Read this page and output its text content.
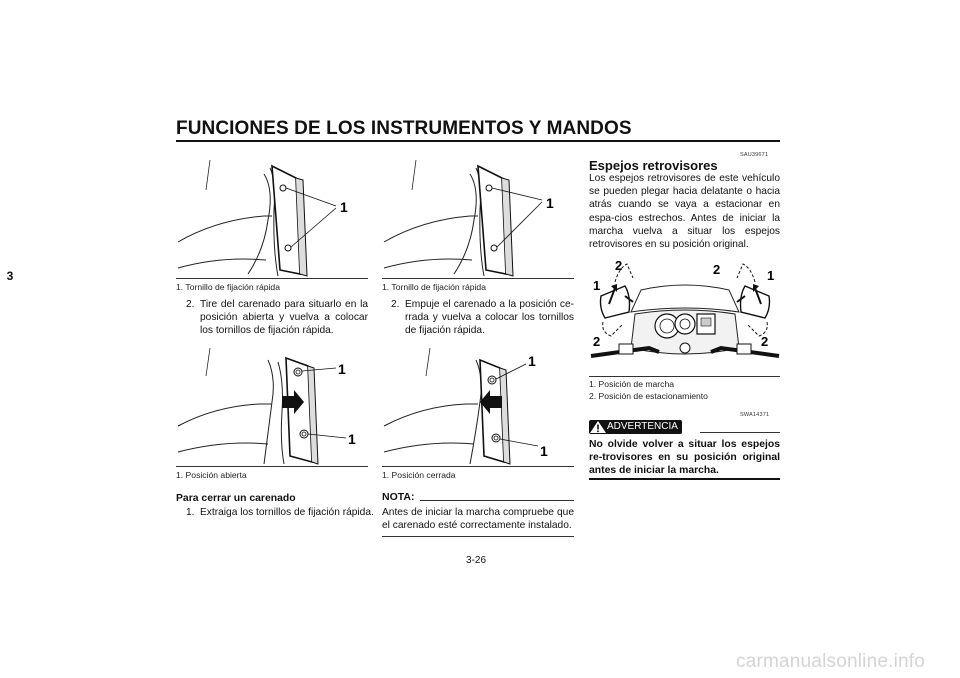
FUNCIONES DE LOS INSTRUMENTOS Y MANDOS
3
1
1. Tornillo de fijación rápida
2. Tire del carenado para situarlo en la posición abierta y vuelva a colocar los tornillos de fijación rápida.
1
1
1. Posición abierta
Para cerrar un carenado
1. Extraiga los tornillos de fijación rápida.
1
1. Tornillo de fijación rápida
2. Empuje el carenado a la posición ce-rrada y vuelva a colocar los tornillos de fijación rápida.
1
1
1. Posición cerrada
NOTA:
Antes de iniciar la marcha compruebe que el carenado esté correctamente instalado.
SAU39671
Espejos retrovisores
Los espejos retrovisores de este vehículo se pueden plegar hacia delatante o hacia atrás cuando se vaya a estacionar en espa-cios estrechos. Antes de iniciar la marcha vuelva a situar los espejos retrovisores en su posición original.
1
1
2	2
2	2
1. Posición de marcha
2. Posición de estacionamiento
SWA14371
ADVERTENCIA
No olvide volver a situar los espejos re-trovisores en su posición original antes de iniciar la marcha.
3-26
carmanualsonline.info
